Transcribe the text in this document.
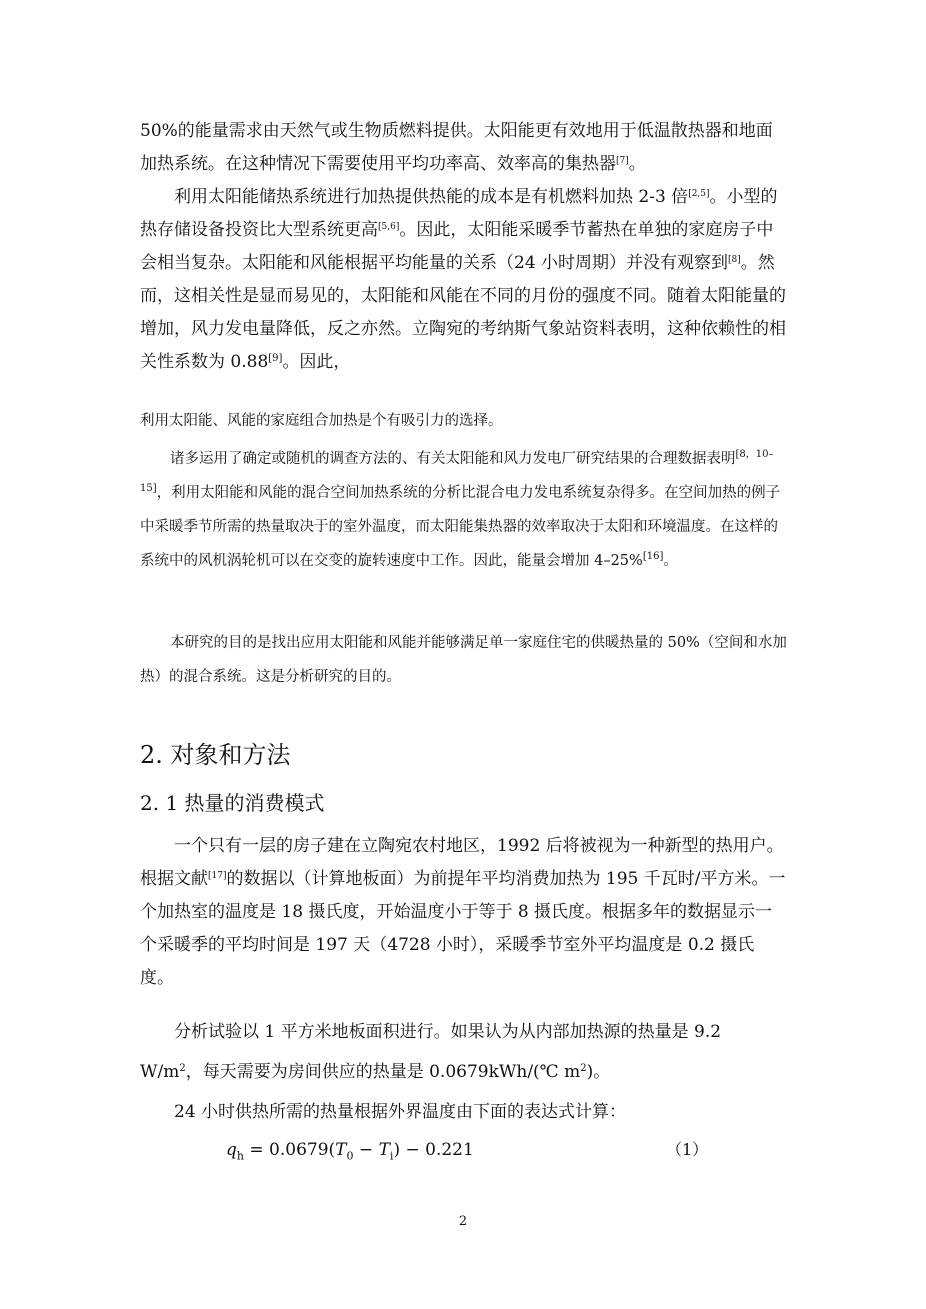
50%的能量需求由天然气或生物质燃料提供。太阳能更有效地用于低温散热器和地面加热系统。在这种情况下需要使用平均功率高、效率高的集热器[7]。

利用太阳能储热系统进行加热提供热能的成本是有机燃料加热 2-3 倍[2,5]。小型的热存储设备投资比大型系统更高[5,6]。因此，太阳能采暖季节蓄热在单独的家庭房子中会相当复杂。太阳能和风能根据平均能量的关系（24 小时周期）并没有观察到[8]。然而，这相关性是显而易见的，太阳能和风能在不同的月份的强度不同。随着太阳能量的增加，风力发电量降低，反之亦然。立陶宛的考纳斯气象站资料表明，这种依赖性的相关性系数为 0.88[9]。因此，

利用太阳能、风能的家庭组合加热是个有吸引力的选择。

诸多运用了确定或随机的调查方法的、有关太阳能和风力发电厂研究结果的合理数据表明[8，10–15]，利用太阳能和风能的混合空间加热系统的分析比混合电力发电系统复杂得多。在空间加热的例子中采暖季节所需的热量取决于的室外温度，而太阳能集热器的效率取决于太阳和环境温度。在这样的系统中的风机涡轮机可以在交变的旋转速度中工作。因此，能量会增加 4–25%[16]。

本研究的目的是找出应用太阳能和风能并能够满足单一家庭住宅的供暖热量的 50%（空间和水加热）的混合系统。这是分析研究的目的。

2. 对象和方法
2. 1 热量的消费模式

一个只有一层的房子建在立陶宛农村地区，1992 后将被视为一种新型的热用户。根据文献[17]的数据以（计算地板面）为前提年平均消费加热为 195 千瓦时/平方米。一个加热室的温度是 18 摄氏度，开始温度小于等于 8 摄氏度。根据多年的数据显示一个采暖季的平均时间是 197 天（4728 小时），采暖季节室外平均温度是 0.2 摄氏度。

分析试验以 1 平方米地板面积进行。如果认为从内部加热源的热量是 9.2 $W/m^2$，每天需要为房间供应的热量是 0.0679kWh/(℃ $m^2$)。

24 小时供热所需的热量根据外界温度由下面的表达式计算：

$q_h = 0.0679(T_0 - T_i) - 0.221$	（1）
2
